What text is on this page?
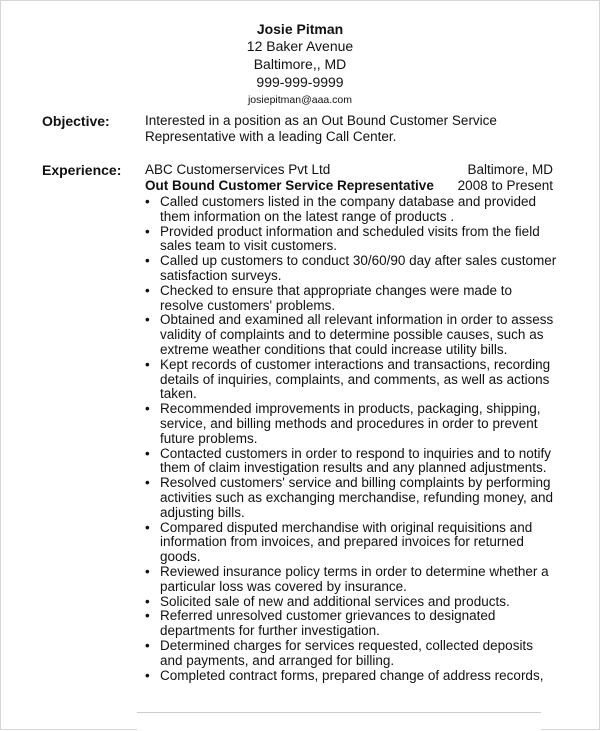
Josie Pitman
12 Baker Avenue
Baltimore,, MD
999-999-9999
josiepitman@aaa.com
Objective:	Interested in a position as an Out Bound Customer Service
Representative with a leading Call Center.
Experience: ABC Customerservices Pvt Ltd	Baltimore, MD
Out Bound Customer Service Representative 2008 to Present
• Called customers listed in the company database and provided
them information on the latest range of products .
• Provided product information and scheduled visits from the field
sales team to visit customers.
• Called up customers to conduct 30/60/90 day after sales customer
satisfaction surveys.
• Checked to ensure that appropriate changes were made to
resolve customers' problems.
• Obtained and examined all relevant information in order to assess
validity of complaints and to determine possible causes, such as
extreme weather conditions that could increase utility bills.
• Kept records of customer interactions and transactions, recording
details of inquiries, complaints, and comments, as well as actions
taken.
• Recommended improvements in products, packaging, shipping,
service, and billing methods and procedures in order to prevent
future problems.
• Contacted customers in order to respond to inquiries and to notify
them of claim investigation results and any planned adjustments.
• Resolved customers' service and billing complaints by performing
activities such as exchanging merchandise, refunding money, and
adjusting bills.
• Compared disputed merchandise with original requisitions and
information from invoices, and prepared invoices for returned
goods.
• Reviewed insurance policy terms in order to determine whether a
particular loss was covered by insurance.
• Solicited sale of new and additional services and products.
• Referred unresolved customer grievances to designated
departments for further investigation.
• Determined charges for services requested, collected deposits
and payments, and arranged for billing.
• Completed contract forms, prepared change of address records,
